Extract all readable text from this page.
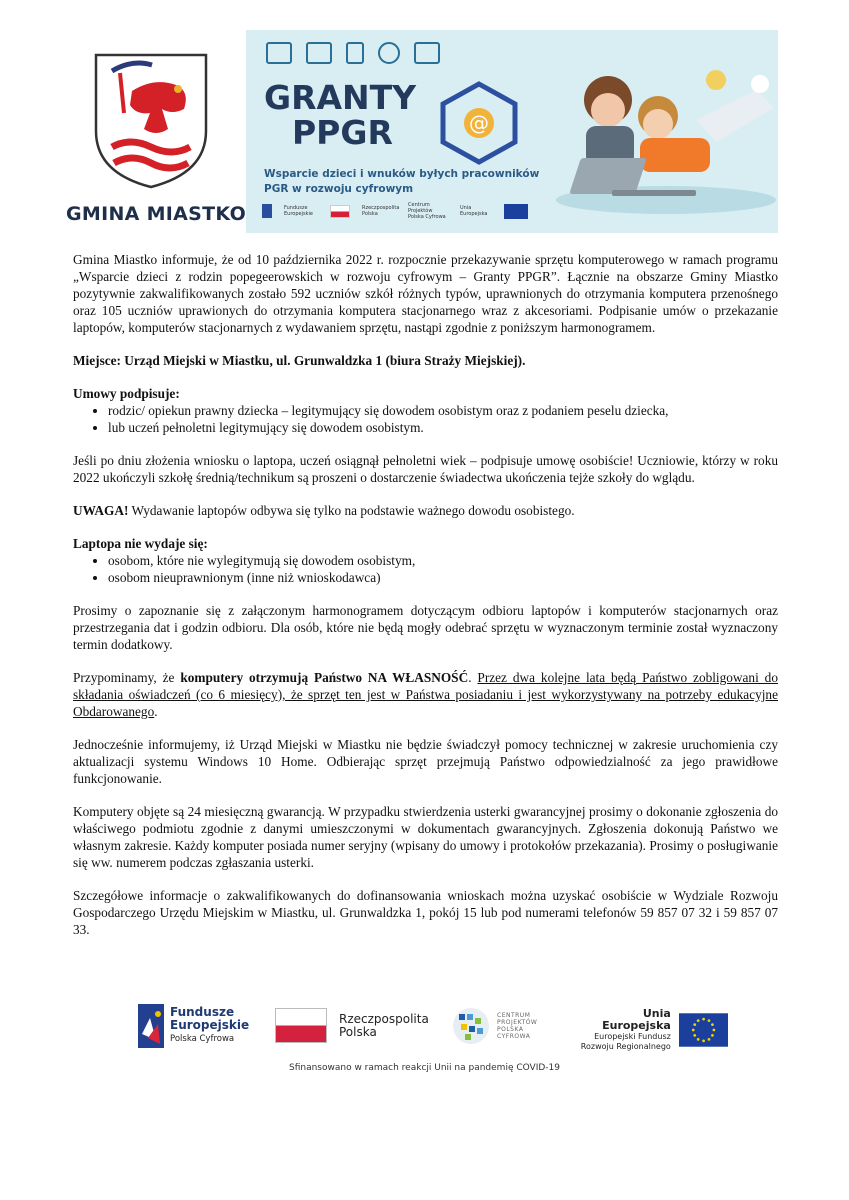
GMINA MIASTKO
GRANTY
PPGR	@
Wsparcie dzieci i wnuków byłych pracowników
PGR w rozwoju cyfrowym
Fundusze Europejskie
Rzeczpospolita Polska
Centrum Projektów Polska Cyfrowa
Unia Europejska

Gmina Miastko informuje, że od 10 października 2022 r. rozpocznie przekazywanie sprzętu komputerowego w ramach programu „Wsparcie dzieci z rodzin popegeerowskich w rozwoju cyfrowym – Granty PPGR”. Łącznie na obszarze Gminy Miastko pozytywnie zakwalifikowanych zostało 592 uczniów szkół różnych typów, uprawnionych do otrzymania komputera przenośnego oraz 105 uczniów uprawionych do otrzymania komputera stacjonarnego wraz z akcesoriami. Podpisanie umów o przekazanie laptopów, komputerów stacjonarnych z wydawaniem sprzętu, nastąpi zgodnie z poniższym harmonogramem.

Miejsce: Urząd Miejski w Miastku, ul. Grunwaldzka 1 (biura Straży Miejskiej).

Umowy podpisuje:

• rodzic/ opiekun prawny dziecka – legitymujący się dowodem osobistym oraz z podaniem peselu dziecka,
• lub uczeń pełnoletni legitymujący się dowodem osobistym.

Jeśli po dniu złożenia wniosku o laptopa, uczeń osiągnął pełnoletni wiek – podpisuje umowę osobiście! Uczniowie, którzy w roku 2022 ukończyli szkołę średnią/technikum są proszeni o dostarczenie świadectwa ukończenia tejże szkoły do wglądu.

UWAGA! Wydawanie laptopów odbywa się tylko na podstawie ważnego dowodu osobistego.

Laptopa nie wydaje się:

• osobom, które nie wylegitymują się dowodem osobistym,
• osobom nieuprawnionym (inne niż wnioskodawca)

Prosimy o zapoznanie się z załączonym harmonogramem dotyczącym odbioru laptopów i komputerów stacjonarnych oraz przestrzegania dat i godzin odbioru. Dla osób, które nie będą mogły odebrać sprzętu w wyznaczonym terminie został wyznaczony termin dodatkowy.

Przypominamy, że komputery otrzymują Państwo NA WŁASNOŚĆ. Przez dwa kolejne lata będą Państwo zobligowani do składania oświadczeń (co 6 miesięcy), że sprzęt ten jest w Państwa posiadaniu i jest wykorzystywany na potrzeby edukacyjne Obdarowanego.

Jednocześnie informujemy, iż Urząd Miejski w Miastku nie będzie świadczył pomocy technicznej w zakresie uruchomienia czy aktualizacji systemu Windows 10 Home. Odbierając sprzęt przejmują Państwo odpowiedzialność za jego prawidłowe funkcjonowanie.

Komputery objęte są 24 miesięczną gwarancją. W przypadku stwierdzenia usterki gwarancyjnej prosimy o dokonanie zgłoszenia do właściwego podmiotu zgodnie z danymi umieszczonymi w dokumentach gwarancyjnych. Zgłoszenia dokonują Państwo we własnym zakresie. Każdy komputer posiada numer seryjny (wpisany do umowy i protokołów przekazania). Prosimy o posługiwanie się ww. numerem podczas zgłaszania usterki.

Szczegółowe informacje o zakwalifikowanych do dofinansowania wnioskach można uzyskać osobiście w Wydziale Rozwoju Gospodarczego Urzędu Miejskim w Miastku, ul. Grunwaldzka 1, pokój 15 lub pod numerami telefonów 59 857 07 32 i 59 857 07 33.

Fundusze
Europejskie
Polska Cyfrowa
Rzeczpospolita
Polska
CENTRUM
PROJEKTÓW
POLSKA
CYFROWA
Unia Europejska
Europejski Fundusz
Rozwoju Regionalnego
Sfinansowano w ramach reakcji Unii na pandemię COVID-19
